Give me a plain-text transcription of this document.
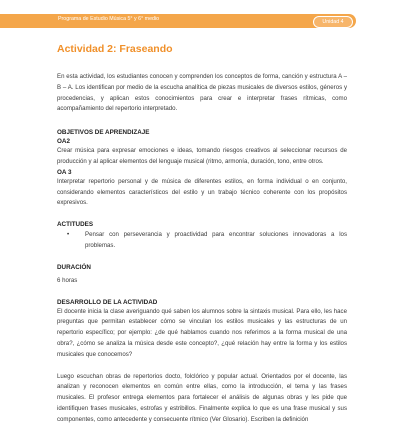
Programa de Estudio Música 5° y 6° medio	Unidad 4
Actividad 2: Fraseando

En esta actividad, los estudiantes conocen y comprenden los conceptos de forma, canción y estructura A – B – A. Los identifican por medio de la escucha analítica de piezas musicales de diversos estilos, géneros y procedencias, y aplican estos conocimientos para crear e interpretar frases rítmicas, como acompañamiento del repertorio interpretado.

OBJETIVOS DE APRENDIZAJE
OA2

Crear música para expresar emociones e ideas, tomando riesgos creativos al seleccionar recursos de producción y al aplicar elementos del lenguaje musical (ritmo, armonía, duración, tono, entre otros.

OA 3

Interpretar repertorio personal y de música de diferentes estilos, en forma individual o en conjunto, considerando elementos característicos del estilo y un trabajo técnico coherente con los propósitos expresivos.

ACTITUDES
•	Pensar con perseverancia y proactividad para encontrar soluciones innovadoras a los problemas.

DURACIÓN

6 horas

DESARROLLO DE LA ACTIVIDAD

El docente inicia la clase averiguando qué saben los alumnos sobre la sintaxis musical. Para ello, les hace preguntas que permitan establecer cómo se vinculan los estilos musicales y las estructuras de un repertorio específico; por ejemplo: ¿de qué hablamos cuando nos referimos a la forma musical de una obra?, ¿cómo se analiza la música desde este concepto?, ¿qué relación hay entre la forma y los estilos musicales que conocemos?

Luego escuchan obras de repertorios docto, folclórico y popular actual. Orientados por el docente, las analizan y reconocen elementos en común entre ellas, como la introducción, el tema y las frases musicales. El profesor entrega elementos para fortalecer el análisis de algunas obras y les pide que identifiquen frases musicales, estrofas y estribillos. Finalmente explica lo que es una frase musical y sus componentes, como antecedente y consecuente rítmico (Ver Glosario). Escriben la definición
